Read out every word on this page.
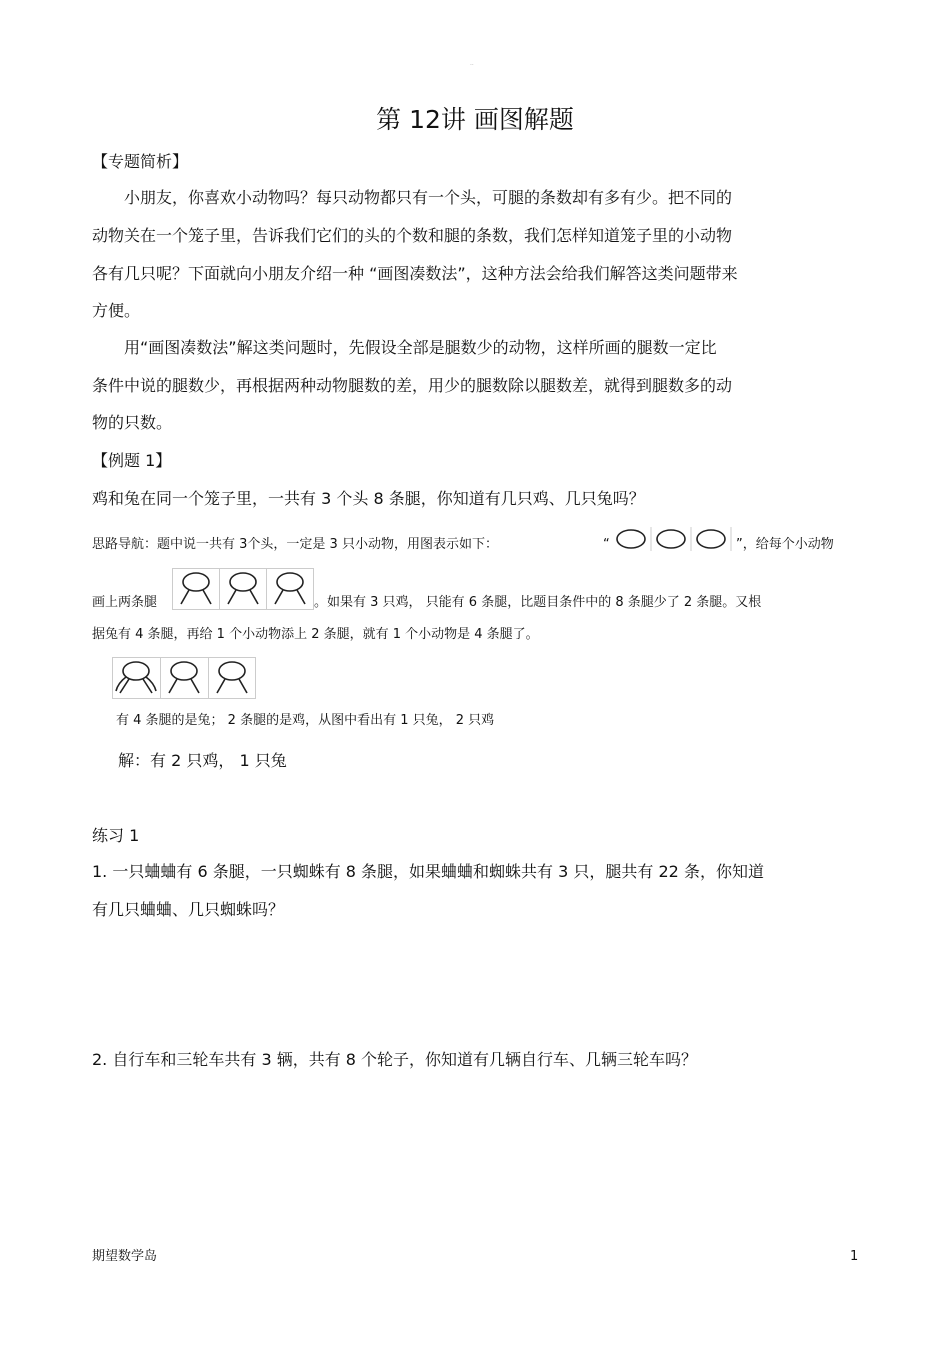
··
第 12讲 画图解题
【专题简析】
小朋友，你喜欢小动物吗？每只动物都只有一个头，可腿的条数却有多有少。把不同的
动物关在一个笼子里，告诉我们它们的头的个数和腿的条数，我们怎样知道笼子里的小动物
各有几只呢？下面就向小朋友介绍一种 “画图凑数法”，这种方法会给我们解答这类问题带来
方便。
用“画图凑数法”解这类问题时，先假设全部是腿数少的动物，这样所画的腿数一定比
条件中说的腿数少，再根据两种动物腿数的差，用少的腿数除以腿数差，就得到腿数多的动
物的只数。
【例题 1】
鸡和兔在同一个笼子里，一共有 3 个头 8 条腿，你知道有几只鸡、几只兔吗？
思路导航：题中说一共有 3个头，一定是 3 只小动物，用图表示如下：	“	”，给每个小动物
画上两条腿	。如果有 3 只鸡， 只能有 6 条腿，比题目条件中的 8 条腿少了 2 条腿。又根
据兔有 4 条腿，再给 1 个小动物添上 2 条腿，就有 1 个小动物是 4 条腿了。
有 4 条腿的是兔； 2 条腿的是鸡，从图中看出有 1 只兔， 2 只鸡
解：有 2 只鸡， 1 只兔
练习 1
1. 一只蛐蛐有 6 条腿，一只蜘蛛有 8 条腿，如果蛐蛐和蜘蛛共有 3 只，腿共有 22 条，你知道
有几只蛐蛐、几只蜘蛛吗？
2. 自行车和三轮车共有 3 辆，共有 8 个轮子，你知道有几辆自行车、几辆三轮车吗？
期望数学岛	1
